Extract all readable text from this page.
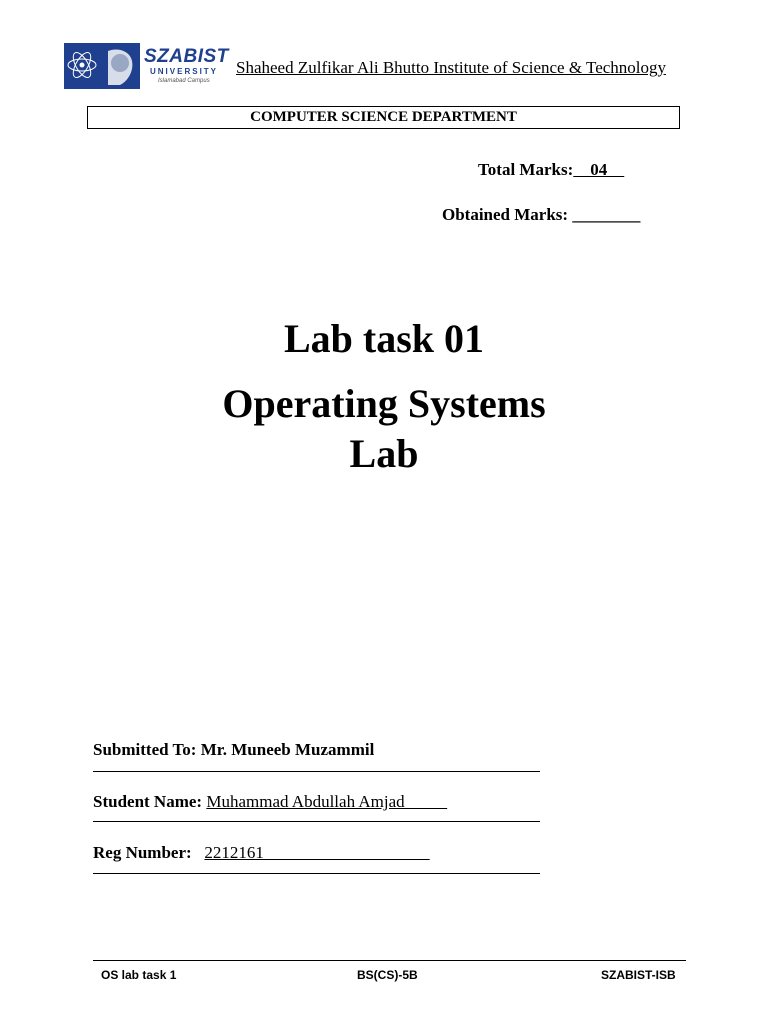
SZABIST
UNIVERSITY
Islamabad Campus
Shaheed Zulfikar Ali Bhutto Institute of Science & Technology
COMPUTER SCIENCE DEPARTMENT
Total Marks:    04
Obtained Marks: ________
Lab task 01
Operating Systems
Lab
Submitted To: Mr. Muneeb Muzammil
Student Name: Muhammad Abdullah Amjad
Reg Number: 2212161
OS lab task 1	BS(CS)-5B	SZABIST-ISB
